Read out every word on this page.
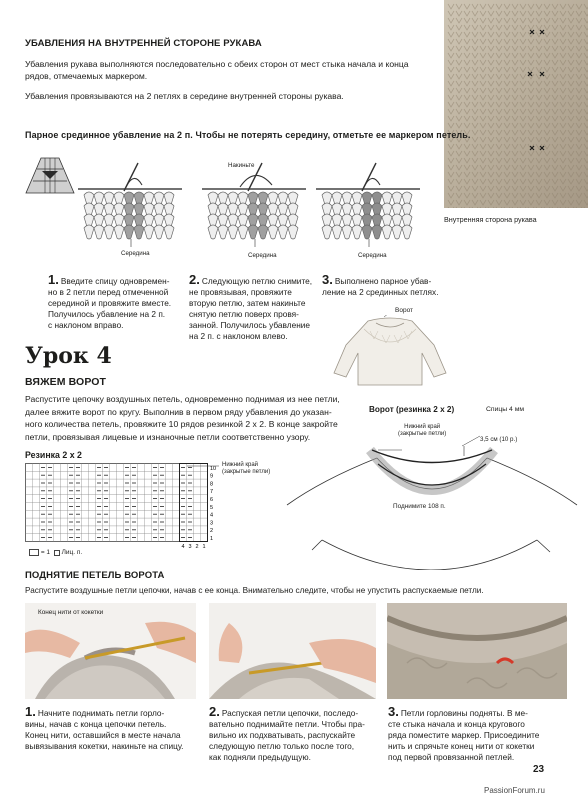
УБАВЛЕНИЯ НА ВНУТРЕННЕЙ СТОРОНЕ РУКАВА
Убавления рукава выполняются последовательно с обеих сторон от мест стыка начала и конца
рядов, отмечаемых маркером.
Убавления провязываются на 2 петлях в середине внутренней стороны рукава.
Внутренняя сторона рукава
Парное срединное убавление на 2 п. Чтобы не потерять середину, отметьте ее маркером петель.
Середина
Накиньте
Середина	Середина
1. Введите спицу одновремен-
но в 2 петли перед отмеченной
серединой и провяжите вместе.
Получилось убавление на 2 п.
с наклоном вправо.
2. Следующую петлю снимите,
не провязывая, провяжите
вторую петлю, затем накиньте
снятую петлю поверх провя-
занной. Получилось убавление
на 2 п. с наклоном влево.
3. Выполнено парное убав-
ление на 2 срединных петлях.
Ворот
Урок 4
ВЯЖЕМ ВОРОТ
Распустите цепочку воздушных петель, одновременно поднимая из нее петли,
далее вяжите ворот по кругу. Выполнив в первом ряду убавления до указан-
ного количества петель, провяжите 10 рядов резинкой 2 х 2. В конце закройте
петли, провязывая лицевые и изнаночные петли соответственно узору.
Резинка 2 х 2
Нижний край
(закрытые петли)
10
9
8
7
6
5
4
3
2
1
4 3 2 1
= 1 Лиц. п.
Ворот (резинка 2 х 2)	Спицы 4 мм
Нижний край
(закрытые петли)
3,5 см (10 р.)
Поднимите 108 п.
ПОДНЯТИЕ ПЕТЕЛЬ ВОРОТА
Распустите воздушные петли цепочки, начав с ее конца. Внимательно следите, чтобы не упустить распускаемые петли.
Конец нити от кокетки
1. Начните поднимать петли горло-
вины, начав с конца цепочки петель.
Конец нити, оставшийся в месте начала
вывязывания кокетки, накиньте на спицу.
2. Распуская петли цепочки, последо-
вательно поднимайте петли. Чтобы пра-
вильно их подхватывать, распускайте
следующую петлю только после того,
как подняли предыдущую.
3. Петли горловины подняты. В ме-
сте стыка начала и конца кругового
ряда поместите маркер. Присоедините
нить и спрячьте конец нити от кокетки
под первой провязанной петлей.
23
PassionForum.ru
